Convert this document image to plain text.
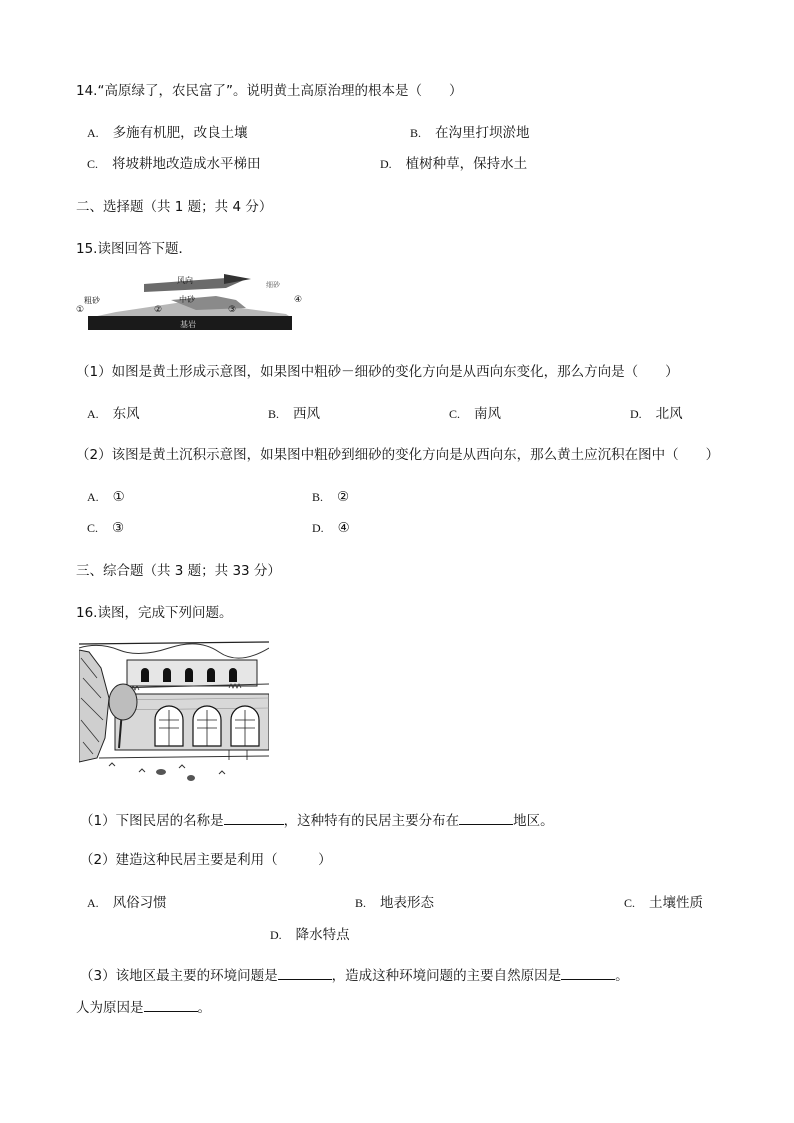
14.“高原绿了，农民富了”。说明黄土高原治理的根本是（　　）
A. 多施有机肥，改良土壤	B. 在沟里打坝淤地
C. 将坡耕地改造成水平梯田	D. 植树种草，保持水土
二、选择题（共 1 题；共 4 分）
15.读图回答下题．
风向
粗砂	中砂
细砂
基岩
①	②	③
④
（1）如图是黄土形成示意图，如果图中粗砂－细砂的变化方向是从西向东变化，那么方向是（　　）
A. 东风	B. 西风	C. 南风	D. 北风
（2）该图是黄土沉积示意图，如果图中粗砂到细砂的变化方向是从西向东，那么黄土应沉积在图中（　　）
A. ①	B. ②
C. ③	D. ④
三、综合题（共 3 题；共 33 分）
16.读图，完成下列问题。
（1）下图民居的名称是	，这种特有的民居主要分布在	地区。
（2）建造这种民居主要是利用（　　　）
A. 风俗习惯	B. 地表形态	C. 土壤性质
D. 降水特点
（3）该地区最主要的环境问题是	，造成这种环境问题的主要自然原因是	。
人为原因是	。
